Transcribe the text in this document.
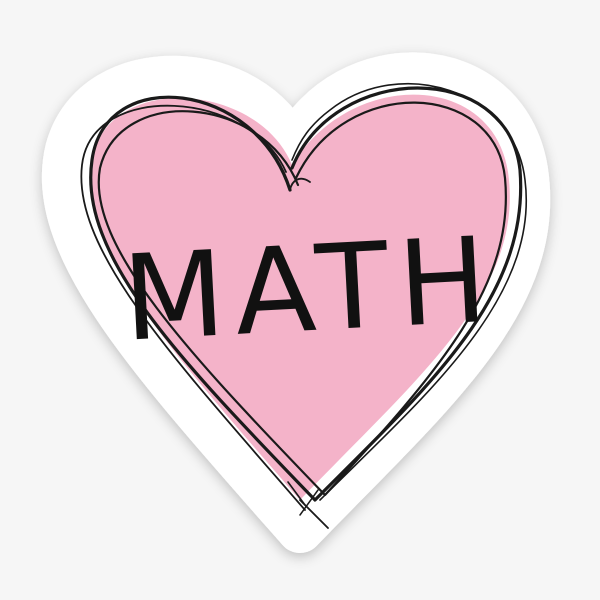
MATH
